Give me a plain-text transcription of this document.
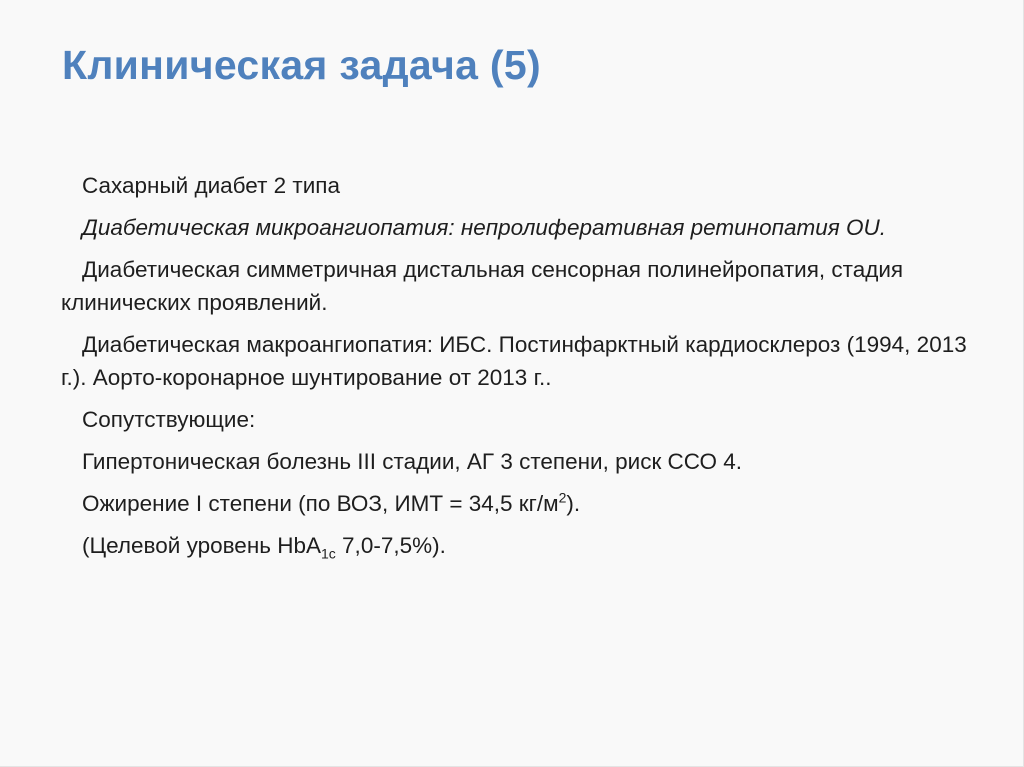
Клиническая задача (5)

Сахарный диабет 2 типа

Диабетическая микроангиопатия: непролиферативная ретинопатия OU.

Диабетическая симметричная дистальная сенсорная полинейропатия, стадия клинических проявлений.

Диабетическая макроангиопатия: ИБС. Постинфарктный кардиосклероз (1994, 2013 г.). Аорто-коронарное шунтирование от 2013 г..

Сопутствующие:

Гипертоническая болезнь III стадии, АГ 3 степени, риск ССО 4.

Ожирение I степени (по ВОЗ, ИМТ = 34,5 $кг/м^2$).

(Целевой уровень HbA$_{1c}$ 7,0-7,5%).
